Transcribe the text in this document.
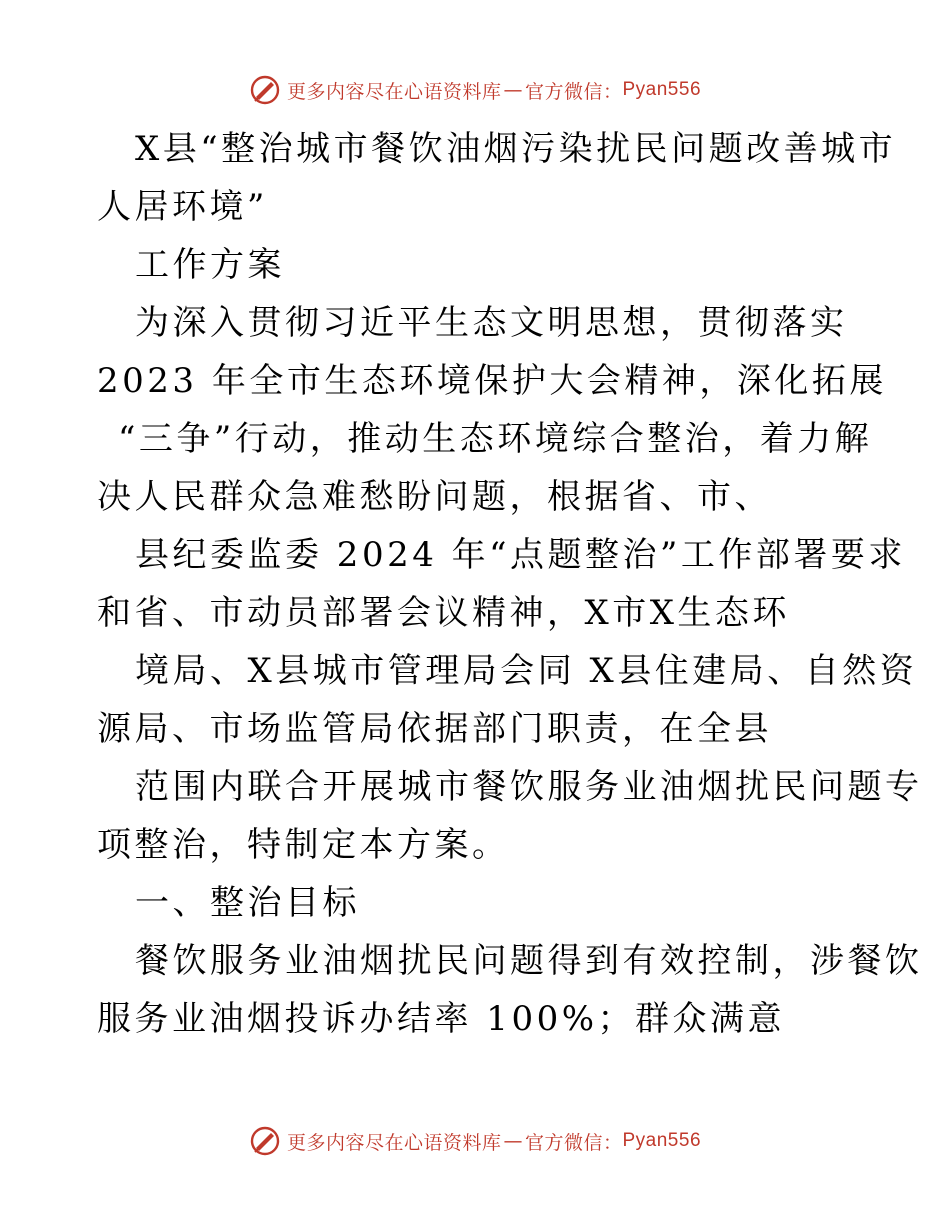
更多内容尽在心语资料库 — 官方微信： Pyan556
X县“整治城市餐饮油烟污染扰民问题改善城市
人居环境”
工作方案
为深入贯彻习近平生态文明思想，贯彻落实
2023 年全市生态环境保护大会精神，深化拓展
“三争”行动，推动生态环境综合整治，着力解
决人民群众急难愁盼问题，根据省、市、
县纪委监委 2024 年“点题整治”工作部署要求
和省、市动员部署会议精神，X市X生态环
境局、X县城市管理局会同 X县住建局、自然资
源局、市场监管局依据部门职责，在全县
范围内联合开展城市餐饮服务业油烟扰民问题专
项整治，特制定本方案。
一、整治目标
餐饮服务业油烟扰民问题得到有效控制，涉餐饮
服务业油烟投诉办结率 100%；群众满意
更多内容尽在心语资料库 — 官方微信： Pyan556
